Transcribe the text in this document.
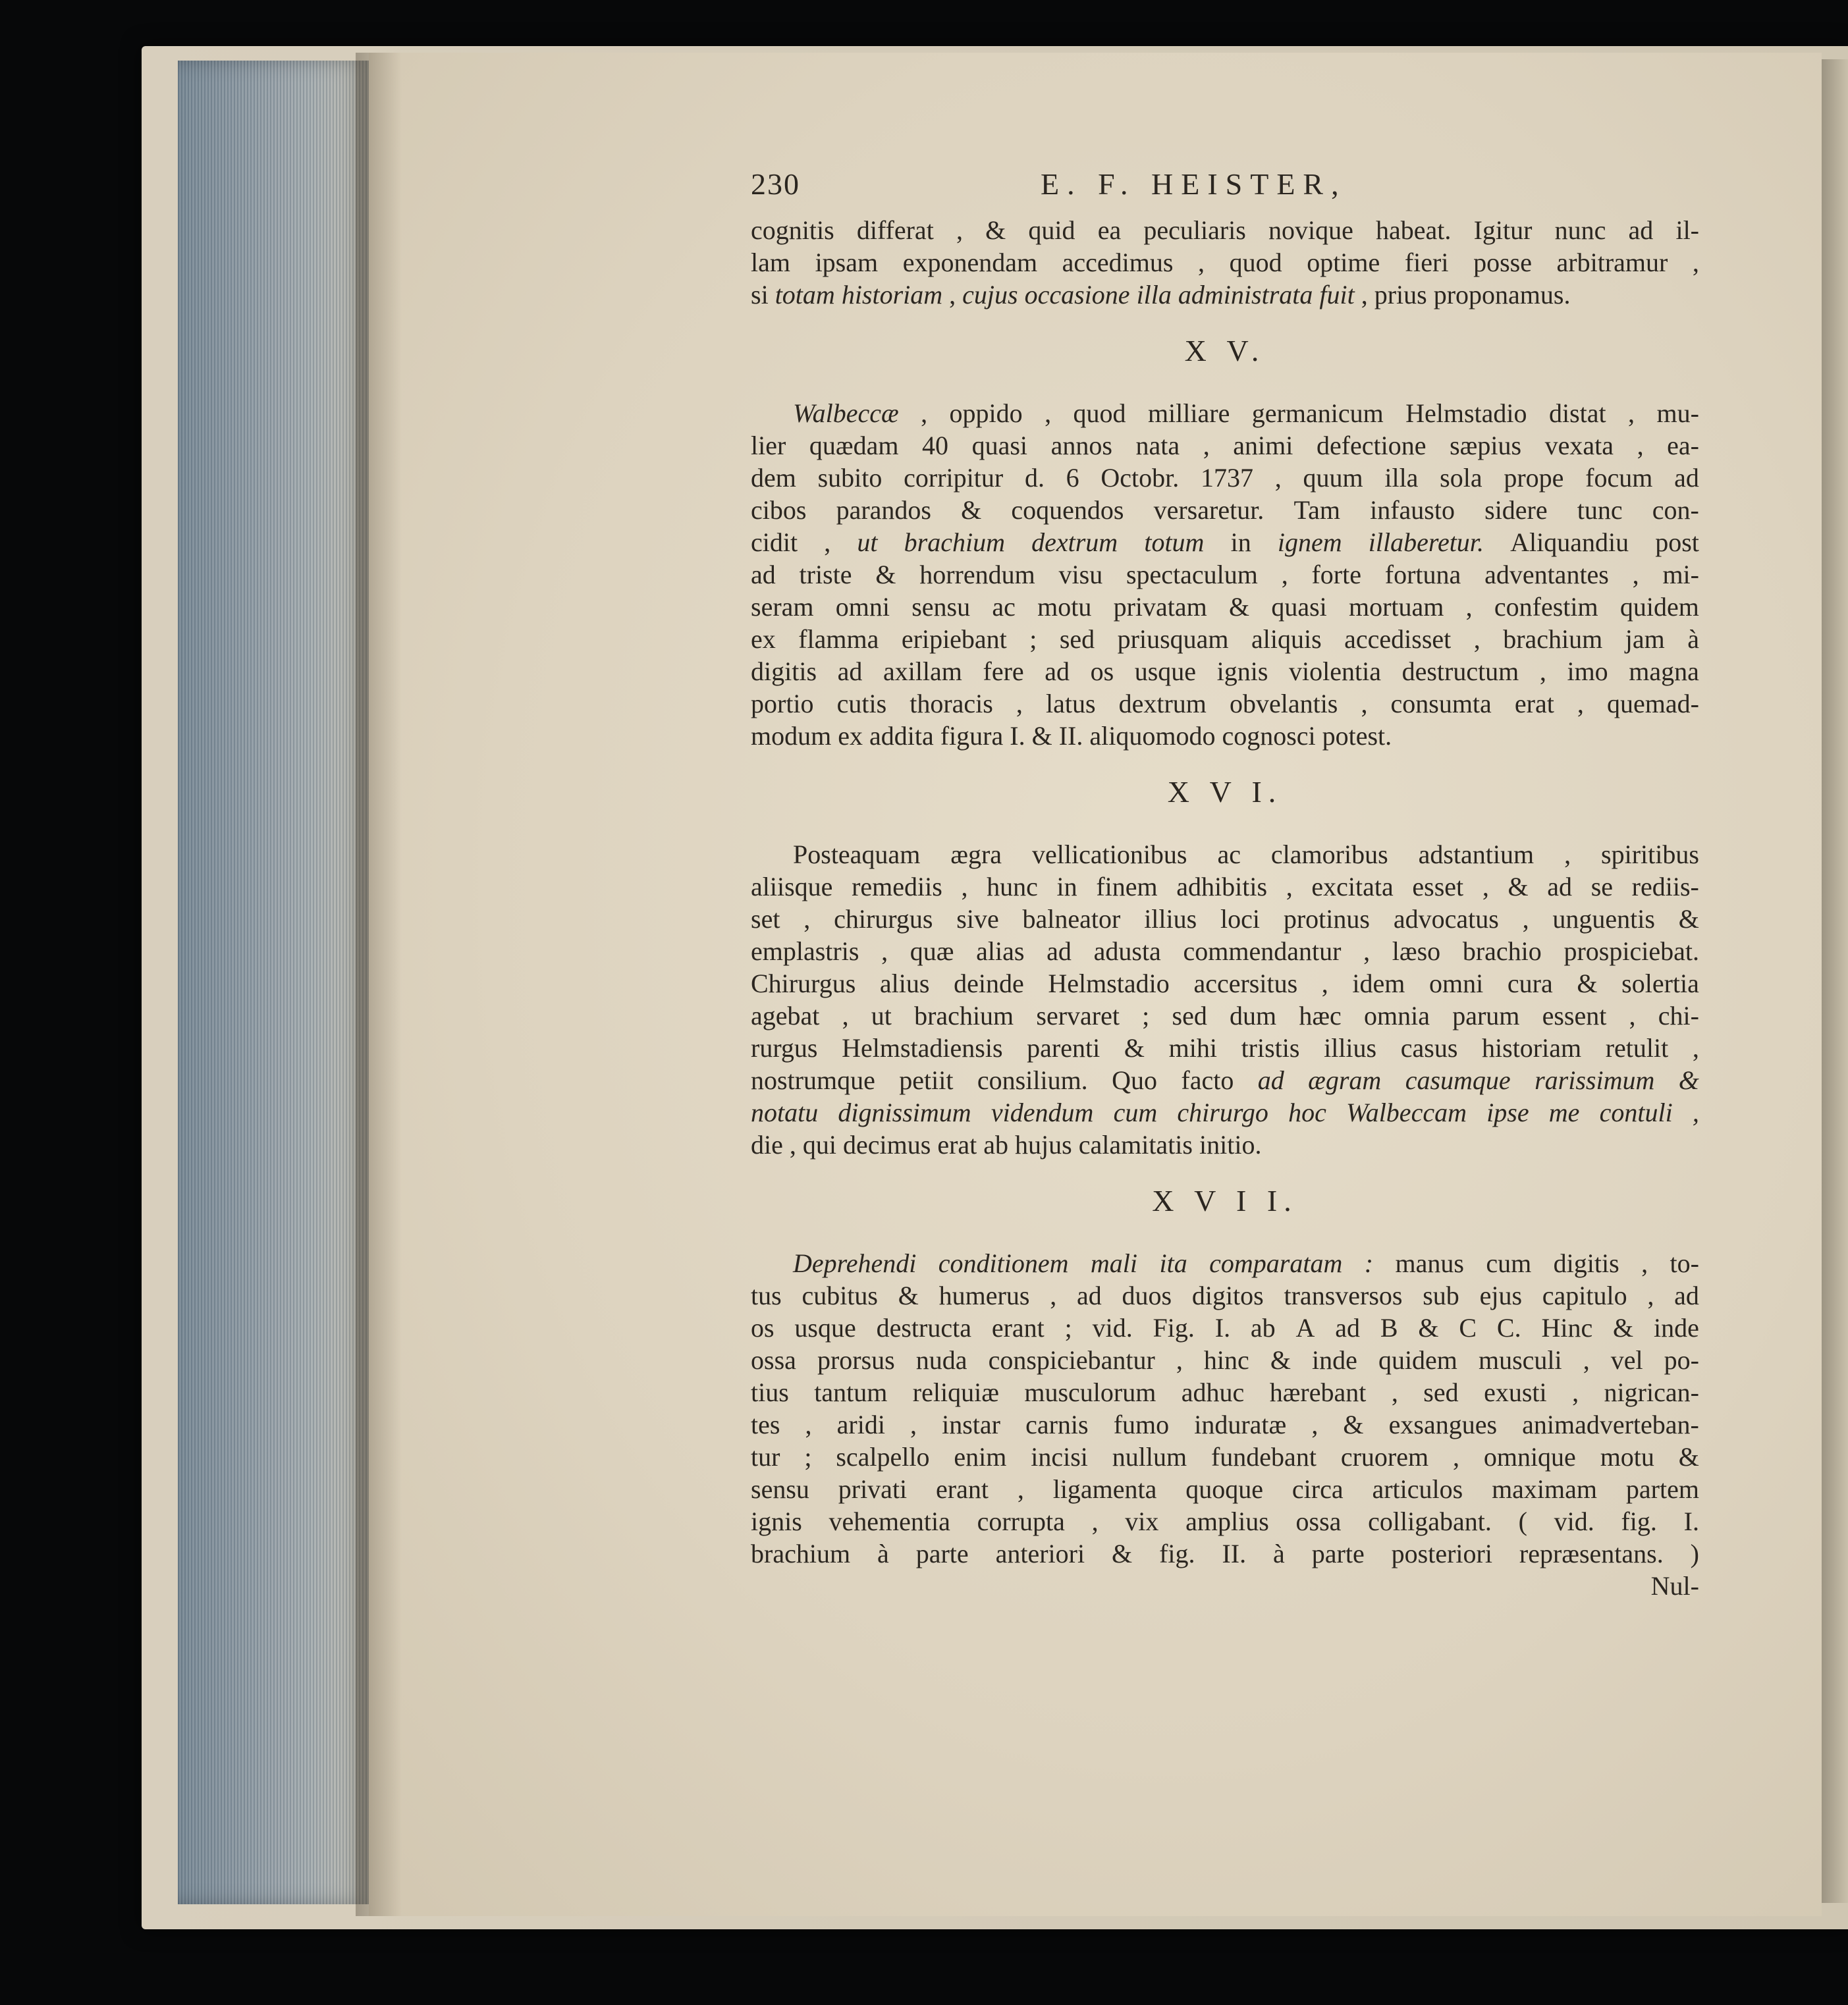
230	E. F. HEISTER,
cognitis differat , & quid ea peculiaris novique habeat. Igitur nunc ad il-
lam ipsam exponendam accedimus , quod optime fieri posse arbitramur ,
si
totam
historiam
,
cujus
occasione
illa
administrata
fuit
,
prius
proponamus.

X V.
Walbeccæ , oppido , quod milliare germanicum Helmstadio distat , mu-
lier quædam 40 quasi annos nata , animi defectione sæpius vexata , ea-
dem subito corripitur d. 6 Octobr. 1737 , quum illa sola prope focum ad
cibos parandos & coquendos versaretur. Tam infausto sidere tunc con-
cidit , ut brachium dextrum totum in ignem illaberetur. Aliquandiu post
ad triste & horrendum visu spectaculum , forte fortuna adventantes , mi-
seram omni sensu ac motu privatam & quasi mortuam , confestim quidem
ex flamma eripiebant ; sed priusquam aliquis accedisset , brachium jam à
digitis ad axillam fere ad os usque ignis violentia destructum , imo magna
portio cutis thoracis , latus dextrum obvelantis , consumta erat , quemad-
modum
ex
addita
figura
I.
&
II.
aliquomodo
cognosci
potest.

X V I.
Posteaquam ægra vellicationibus ac clamoribus adstantium , spiritibus
aliisque remediis , hunc in finem adhibitis , excitata esset , & ad se rediis-
set , chirurgus sive balneator illius loci protinus advocatus , unguentis &
emplastris , quæ alias ad adusta commendantur , læso brachio prospiciebat.
Chirurgus alius deinde Helmstadio accersitus , idem omni cura & solertia
agebat , ut brachium servaret ; sed dum hæc omnia parum essent , chi-
rurgus Helmstadiensis parenti & mihi tristis illius casus historiam retulit ,
nostrumque petiit consilium. Quo facto ad ægram casumque rarissimum &
notatu dignissimum videndum cum chirurgo hoc Walbeccam ipse me contuli ,
die
,
qui
decimus
erat
ab
hujus
calamitatis
initio.

X V I I.
Deprehendi conditionem mali ita comparatam : manus cum digitis , to-
tus cubitus & humerus , ad duos digitos transversos sub ejus capitulo , ad
os usque destructa erant ; vid. Fig. I. ab A ad B & C C. Hinc & inde
ossa prorsus nuda conspiciebantur , hinc & inde quidem musculi , vel po-
tius tantum reliquiæ musculorum adhuc hærebant , sed exusti , nigrican-
tes , aridi , instar carnis fumo induratæ , & exsangues animadverteban-
tur ; scalpello enim incisi nullum fundebant cruorem , omnique motu &
sensu privati erant , ligamenta quoque circa articulos maximam partem
ignis vehementia corrupta , vix amplius ossa colligabant. ( vid. fig. I.
brachium à parte anteriori & fig. II. à parte posteriori repræsentans. )
Nul-
